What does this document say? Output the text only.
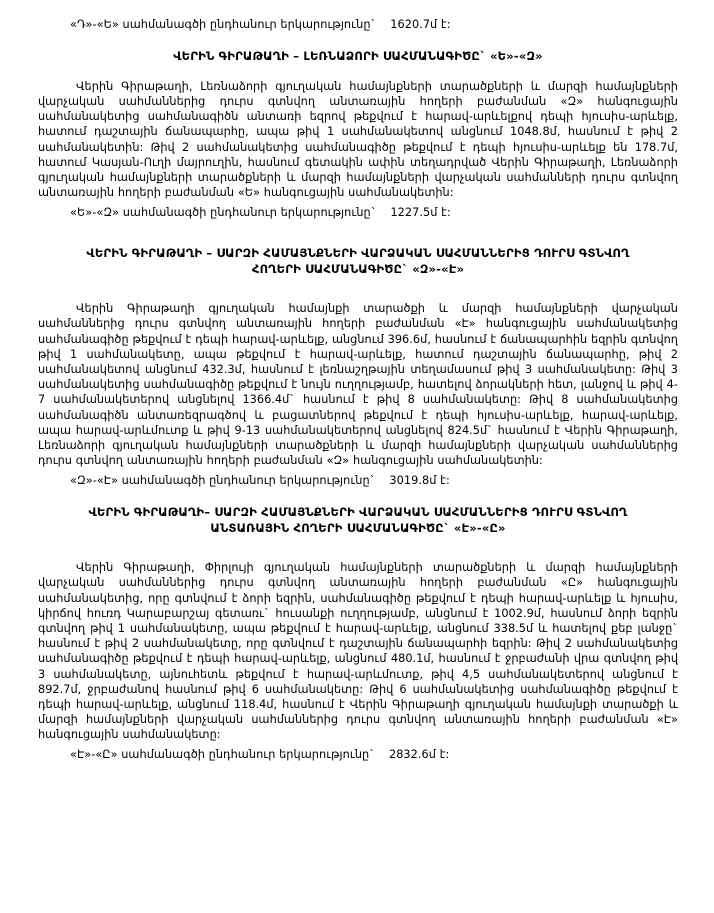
«Դ»-«Ե» սահմանագծի ընդհանուր երկարությունը` 1620.7մ է:
ՎԵՐԻՆ ԳԻՐԱԹԱՂԻ – ԼԵՌՆԱՁՈՐԻ ՍԱՀՄԱՆԱԳԻԾԸ` «Ե»-«Զ»
Վերին Գիրաթաղի, Լեռնաձորի գյուղական համայնքների տարածքների և մարզի համայնքների վարչական սահմաններից դուրս գտնվող անտառային հողերի բաժանման «Զ» հանգուցային սահմանակետից սահմանագիծն անտառի եզրով թեքվում է հարավ-արևելքով դեպի հյուսիս-արևելք, հատում դաշտային ճանապարհը, ապա թիվ 1 սահմանակետով անցնում 1048.8մ, հասնում է թիվ 2 սահմանակետին: Թիվ 2 սահմանակետից սահմանագիծը թեքվում է դեպի հյուսիս-արևելք են 178.7մ, հատում Կասյան-Ուղի մայրուղին, հասնում գետակին ափին տեղադրված Վերին Գիրաթաղի, Լեռնաձորի գյուղական համայնքների տարածքների և մարզի համայնքների վարչական սահմանների դուրս գտնվող անտառային հողերի բաժանման «Ե» հանգուցային սահմանակետին:
«Ե»-«Զ» սահմանագծի ընդհանուր երկարությունը` 1227.5մ է:
ՎԵՐԻՆ ԳԻՐԱԹԱՂԻ – ՍԱՐԶԻ ՀԱՄԱՅՆՔՆԵՐԻ ՎԱՐՁԱԿԱՆ ՍԱՀՄԱՆՆԵՐԻՑ ԴՈՒՐՍ ԳՏՆՎՈՂ
ՀՈՂԵՐԻ ՍԱՀՄԱՆԱԳԻԾԸ` «Զ»-«Է»
Վերին Գիրաթաղի գյուղական համայնքի տարածքի և մարզի համայնքների վարչական սահմաններից դուրս գտնվող անտառային հողերի բաժանման «Է» հանգուցային սահմանակետից սահմանագիծը թեքվում է դեպի հարավ-արևելք, անցնում 396.6մ, հասնում է ճանապարհին եզրին գտնվող թիվ 1 սահմանակետը, ապա թեքվում է հարավ-արևելք, հատում դաշտային ճանապարհը, թիվ 2 սահմանակետով անցնում 432.3մ, հասնում է լեռնաշղթային տեղամասում թիվ 3 սահմանակետը: Թիվ 3 սահմանակետից սահմանագիծը թեքվում է նույն ուղղությամբ, հատելով ձորակների հետ, լանջով և թիվ 4-7 սահմանակետերով անցնելով 1366.4մ` հասնում է թիվ 8 սահմանակետը: Թիվ 8 սահմանակետից սահմանագիծն անտառեզրագծով և բացատներով թեքվում է դեպի հյուսիս-արևելք, հարավ-արևելք, ապա հարավ-արևմուտք և թիվ 9-13 սահմանակետերով անցնելով 824.5մ` հասնում է Վերին Գիրաթաղի, Լեռնաձորի գյուղական համայնքների տարածքների և մարզի համայնքների վարչական սահմաններից դուրս գտնվող անտառային հողերի բաժանման «Զ» հանգուցային սահմանակետին:
«Զ»-«Է» սահմանագծի ընդհանուր երկարությունը` 3019.8մ է:
ՎԵՐԻՆ ԳԻՐԱԹԱՂԻ– ՍԱՐԶԻ ՀԱՄԱՅՆՔՆԵՐԻ ՎԱՐՁԱԿԱՆ ՍԱՀՄԱՆՆԵՐԻՑ ԴՈՒՐՍ ԳՏՆՎՈՂ
ԱՆՏԱՌԱՅԻՆ ՀՈՂԵՐԻ ՍԱՀՄԱՆԱԳԻԾԸ` «Է»-«Ը»
Վերին Գիրաթաղի, Փիրլույի գյուղական համայնքների տարածքների և մարզի համայնքների վարչական սահմաններից դուրս գտնվող անտառային հողերի բաժանման «Ը» հանգուցային սահմանակետից, որը գտնվում է ձորի եզրին, սահմանագիծը թեքվում է դեպի հարավ-արևելք և հյուսիս, կիրճով հուռդ Կարաբարշայ գետառւ` հուսանքի ուղղությամբ, անցնում է 1002.9մ, հասնում ձորի եզրին գտնվող թիվ 1 սահմանակետը, ապա թեքվում է հարավ-արևելք, անցնում 338.5մ և հատելով քեբ լանջը` հասնում է թիվ 2 սահմանակետը, որը գտնվում է դաշտային ճանապարհի եզրին: Թիվ 2 սահմանակետից սահմանագիծը թեքվում է դեպի հարավ-արևելք, անցնում 480.1մ, հասնում է ջրբաժանի վրա գտնվող թիվ 3 սահմանակետը, այնուհետև թեքվում է հարավ-արևմուտք, թիվ 4,5 սահմանակետերով անցնում է 892.7մ, ջրբաժանով հասնում թիվ 6 սահմանակետը: Թիվ 6 սահմանակետից սահմանագիծը թեքվում է դեպի հարավ-արևելք, անցնում 118.4մ, հասնում է Վերին Գիրաթաղի գյուղական համայնքի տարածքի և մարզի համայնքների վարչական սահմաններից դուրս գտնվող անտառային հողերի բաժանման «Է» հանգուցային սահմանակետը:
«Է»-«Ը» սահմանագծի ընդհանուր երկարությունը` 2832.6մ է:
